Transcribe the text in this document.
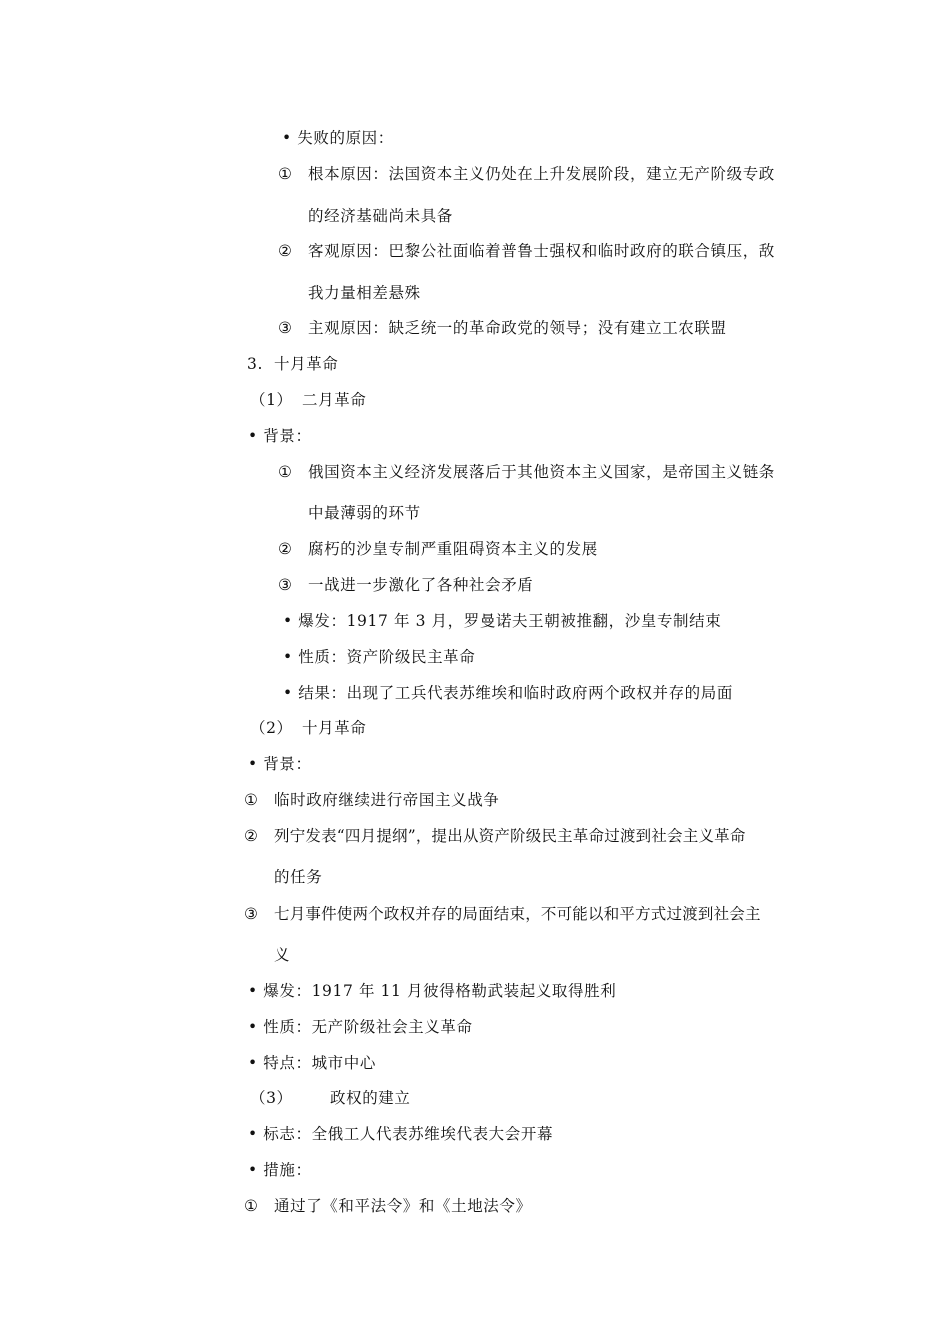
• 失败的原因：
① 根本原因：法国资本主义仍处在上升发展阶段，建立无产阶级专政
的经济基础尚未具备
② 客观原因：巴黎公社面临着普鲁士强权和临时政府的联合镇压，敌
我力量相差悬殊
③ 主观原因：缺乏统一的革命政党的领导；没有建立工农联盟
3. 十月革命
（1） 二月革命
• 背景：
① 俄国资本主义经济发展落后于其他资本主义国家，是帝国主义链条
中最薄弱的环节
② 腐朽的沙皇专制严重阻碍资本主义的发展
③ 一战进一步激化了各种社会矛盾
• 爆发：1917 年 3 月，罗曼诺夫王朝被推翻，沙皇专制结束
• 性质：资产阶级民主革命
• 结果：出现了工兵代表苏维埃和临时政府两个政权并存的局面
（2） 十月革命
• 背景：
① 临时政府继续进行帝国主义战争
② 列宁发表“四月提纲”，提出从资产阶级民主革命过渡到社会主义革命
的任务
③ 七月事件使两个政权并存的局面结束，不可能以和平方式过渡到社会主
义
• 爆发：1917 年 11 月彼得格勒武装起义取得胜利
• 性质：无产阶级社会主义革命
• 特点：城市中心
（3） 政权的建立
• 标志：全俄工人代表苏维埃代表大会开幕
• 措施：
① 通过了《和平法令》和《土地法令》
